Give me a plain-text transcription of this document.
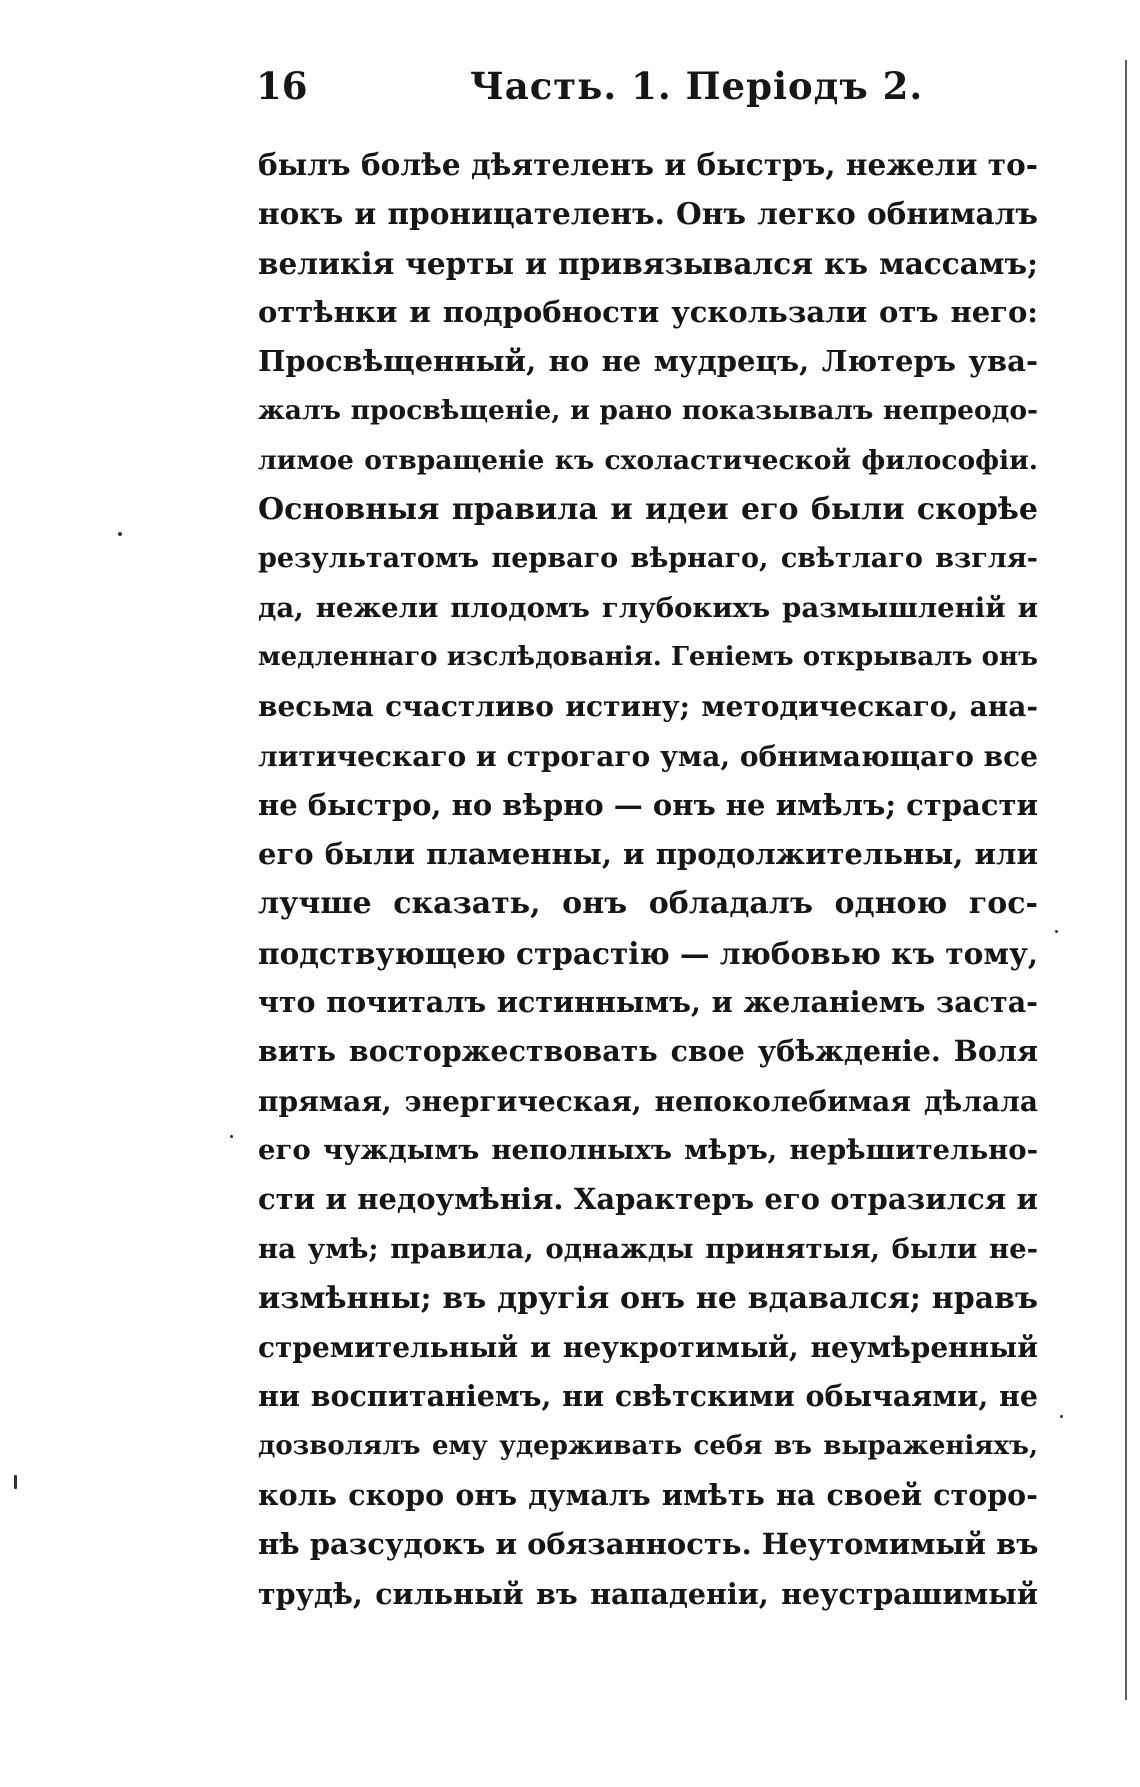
16	Часть. 1. Періодъ 2.
былъ болѣе дѣятеленъ и быстръ, нежели то-
нокъ и проницателенъ. Онъ легко обнималъ
великія черты и привязывался къ массамъ;
оттѣнки и подробности ускользали отъ него:
Просвѣщенный, но не мудрецъ, Лютеръ ува-
жалъ просвѣщеніе, и рано показывалъ непреодо-
лимое отвращеніе къ схоластической философіи.
Основныя правила и идеи его были скорѣе
результатомъ перваго вѣрнаго, свѣтлаго взгля-
да, нежели плодомъ глубокихъ размышленій и
медленнаго изслѣдованія. Геніемъ открывалъ онъ
весьма счастливо истину; методическаго, ана-
литическаго и строгаго ума, обнимающаго все
не быстро, но вѣрно — онъ не имѣлъ; страсти
его были пламенны, и продолжительны, или
лучше сказать, онъ обладалъ одною гос-
подствующею страстію — любовью къ тому,
что почиталъ истиннымъ, и желаніемъ заста-
вить восторжествовать свое убѣжденіе. Воля
прямая, энергическая, непоколебимая дѣлала
его чуждымъ неполныхъ мѣръ, нерѣшительно-
сти и недоумѣнія. Характеръ его отразился и
на умѣ; правила, однажды принятыя, были не-
измѣнны; въ другія онъ не вдавался; нравъ
стремительный и неукротимый, неумѣренный
ни воспитаніемъ, ни свѣтскими обычаями, не
дозволялъ ему удерживать себя въ выраженіяхъ,
коль скоро онъ думалъ имѣть на своей сторо-
нѣ разсудокъ и обязанность. Неутомимый въ
трудѣ, сильный въ нападеніи, неустрашимый
